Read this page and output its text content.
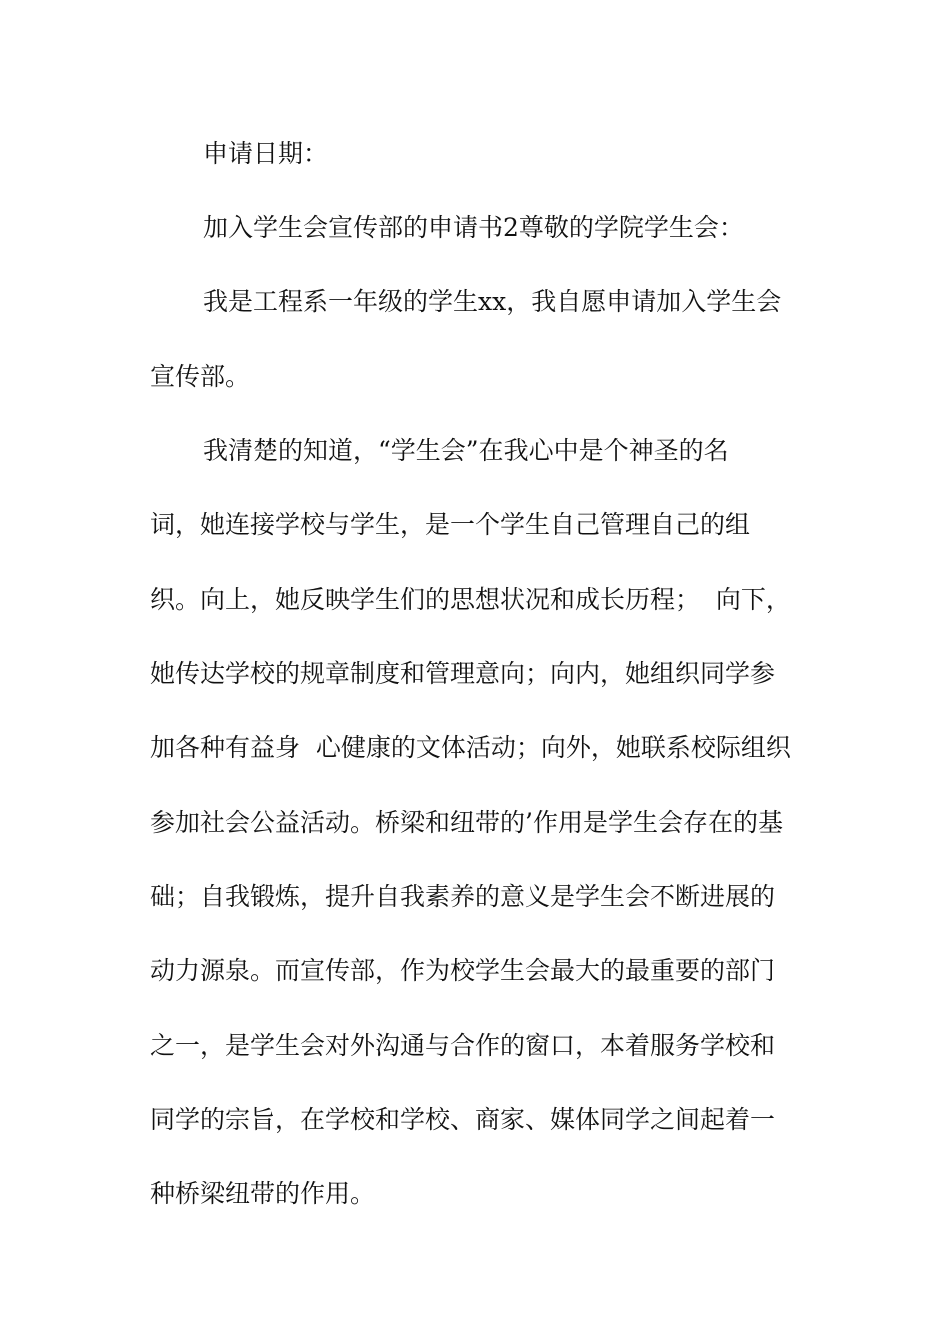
申请日期：
加入学生会宣传部的申请书2尊敬的学院学生会：
我是工程系一年级的学生xx，我自愿申请加入学生会
宣传部。
我清楚的知道，“学生会”在我心中是个神圣的名
词，她连接学校与学生，是一个学生自己管理自己的组
织。向上，她反映学生们的思想状况和成长历程；  向下，
她传达学校的规章制度和管理意向；向内，她组织同学参
加各种有益身  心健康的文体活动；向外，她联系校际组织
参加社会公益活动。桥梁和纽带的’作用是学生会存在的基
础；自我锻炼，提升自我素养的意义是学生会不断进展的
动力源泉。而宣传部，作为校学生会最大的最重要的部门
之一，是学生会对外沟通与合作的窗口，本着服务学校和
同学的宗旨，在学校和学校、商家、媒体同学之间起着一
种桥梁纽带的作用。
